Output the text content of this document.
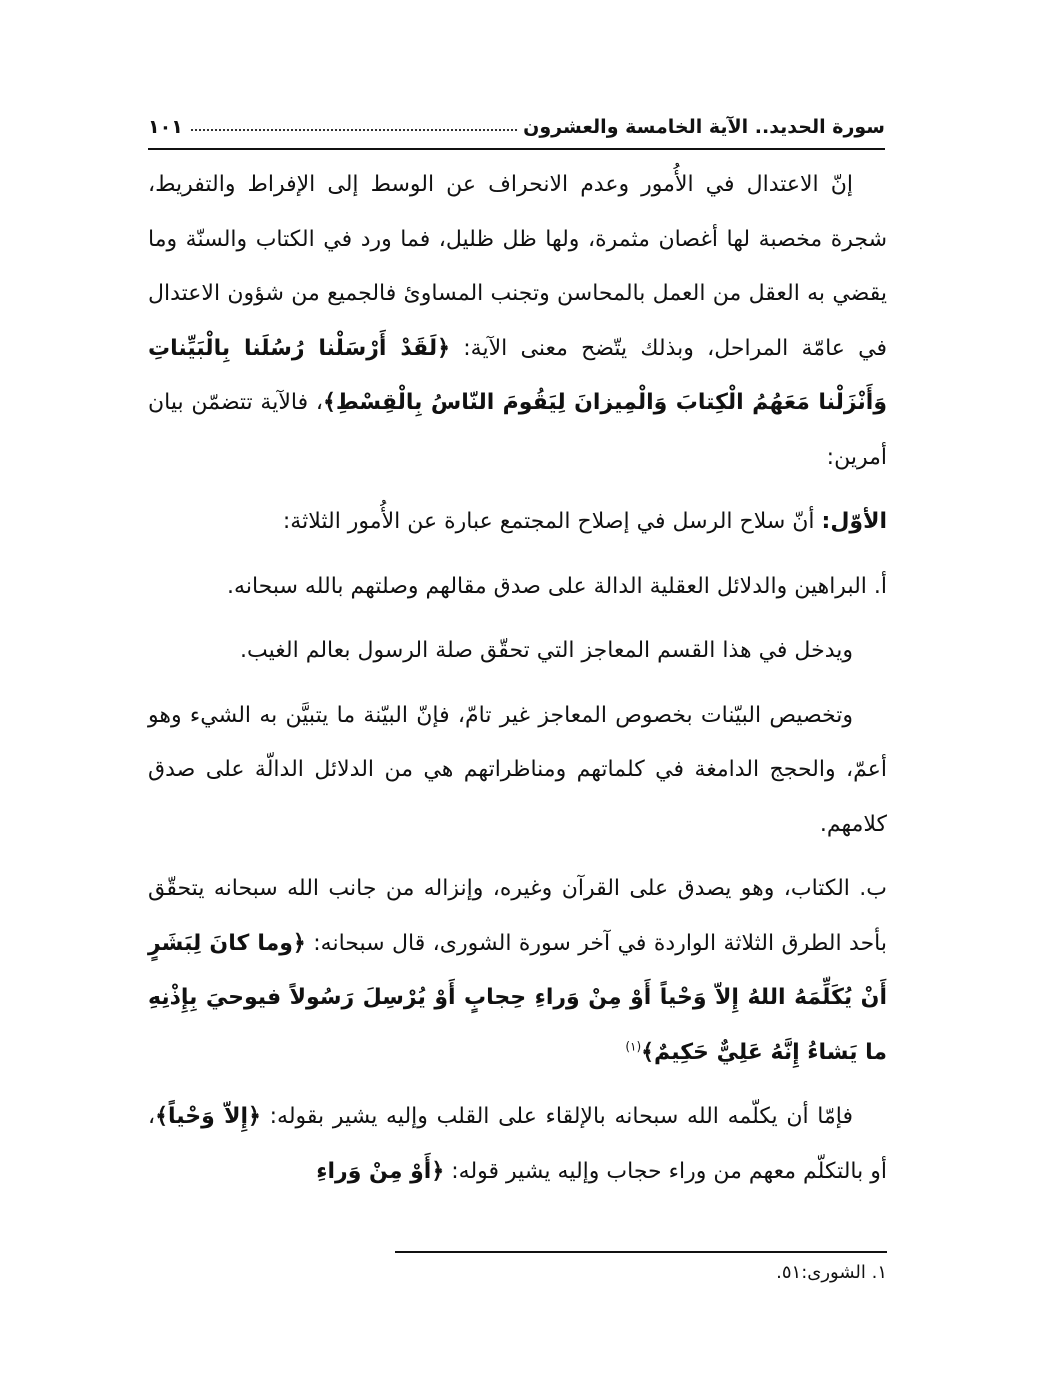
سورة الحديد.. الآية الخامسة والعشرون
١٠١

إنّ الاعتدال في الأُمور وعدم الانحراف عن الوسط إلى الإفراط والتفريط، شجرة مخصبة لها أغصان مثمرة، ولها ظل ظليل، فما ورد في الكتاب والسنّة وما يقضي به العقل من العمل بالمحاسن وتجنب المساوئ فالجميع من شؤون الاعتدال في عامّة المراحل، وبذلك يتّضح معنى الآية: ﴿لَقَدْ أَرْسَلْنا رُسُلَنا بِالْبَيِّناتِ وَأَنْزَلْنا مَعَهُمُ الْكِتابَ وَالْمِيزانَ لِيَقُومَ النّاسُ بِالْقِسْطِ﴾، فالآية تتضمّن بيان أمرين:

الأوّل: أنّ سلاح الرسل في إصلاح المجتمع عبارة عن الأُمور الثلاثة:

أ. البراهين والدلائل العقلية الدالة على صدق مقالهم وصلتهم بالله سبحانه.

ويدخل في هذا القسم المعاجز التي تحقّق صلة الرسول بعالم الغيب.

وتخصيص البيّنات بخصوص المعاجز غير تامّ، فإنّ البيّنة ما يتبيَّن به الشيء وهو أعمّ، والحجج الدامغة في كلماتهم ومناظراتهم هي من الدلائل الدالّة على صدق كلامهم.

ب. الكتاب، وهو يصدق على القرآن وغيره، وإنزاله من جانب الله سبحانه يتحقّق بأحد الطرق الثلاثة الواردة في آخر سورة الشورى، قال سبحانه: ﴿وما كانَ لِبَشَرٍ أَنْ يُكَلِّمَهُ اللهُ إِلاّ وَحْياً أَوْ مِنْ وَراءِ حِجابٍ أَوْ يُرْسِلَ رَسُولاً فيوحيَ بِإِذْنِهِ ما يَشاءُ إِنَّهُ عَلِيٌّ حَكِيمٌ﴾$^{(١)}$

فإمّا أن يكلّمه الله سبحانه بالإلقاء على القلب وإليه يشير بقوله: ﴿إِلاّ وَحْياً﴾، أو بالتكلّم معهم من وراء حجاب وإليه يشير قوله: ﴿أَوْ مِنْ وَراءِ

١. الشورى:٥١.
